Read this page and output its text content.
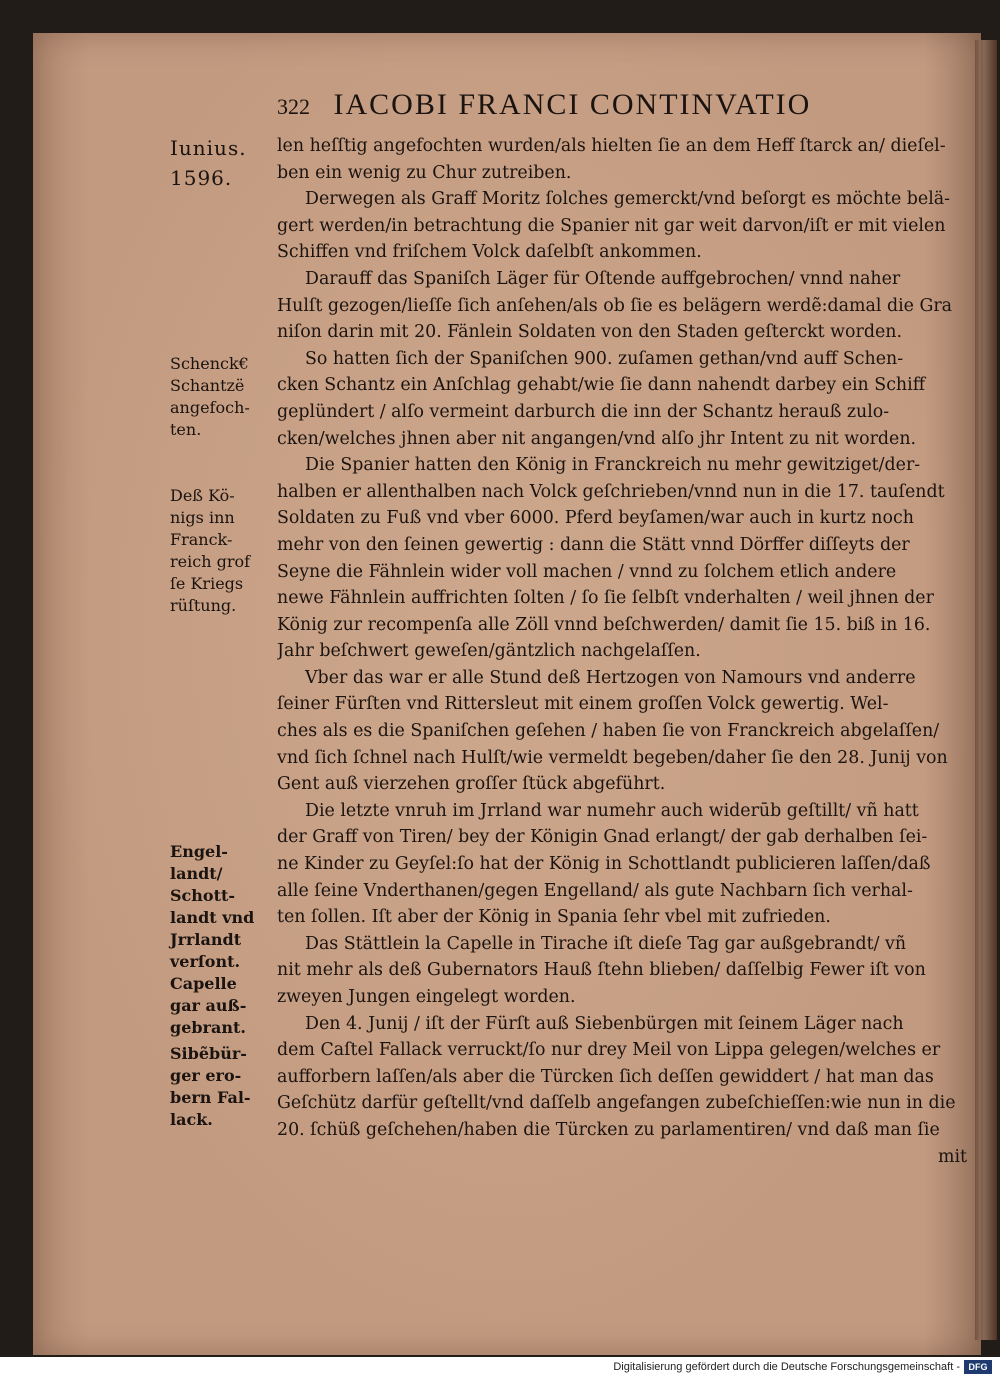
322 IACOBI FRANCI CONTINVATIO
Iunius.
1596.
Schenck€
Schantzë
angefoch-
ten.
Deß Kö-
nigs inn
Franck-
reich grof
ſe Kriegs
rüſtung.
Engel-
landt/
Schott-
landt vnd
Jrrlandt
verſont.
Capelle
gar auß-
gebrant.
Sibẽbür-
ger ero-
bern Fal-
lack.
len heſſtig angefochten wurden/als hielten ſie an dem Heff ſtarck an/ dieſel-
ben ein wenig zu Chur zutreiben.
Derwegen als Graff Moritz ſolches gemerckt/vnd beſorgt es möchte belä-
gert werden/in betrachtung die Spanier nit gar weit darvon/iſt er mit vielen
Schiffen vnd friſchem Volck daſelbſt ankommen.
Darauff das Spaniſch Läger für Oſtende auffgebrochen/ vnnd naher
Hulſt gezogen/lieſſe ſich anſehen/als ob ſie es belägern werdẽ:damal die Gra
niſon darin mit 20. Fänlein Soldaten von den Staden geſterckt worden.
So hatten ſich der Spaniſchen 900. zuſamen gethan/vnd auff Schen-
cken Schantz ein Anſchlag gehabt/wie ſie dann nahendt darbey ein Schiff
geplündert / alſo vermeint darburch die inn der Schantz herauß zulo-
cken/welches jhnen aber nit angangen/vnd alſo jhr Intent zu nit worden.
Die Spanier hatten den König in Franckreich nu mehr gewitziget/der-
halben er allenthalben nach Volck geſchrieben/vnnd nun in die 17. tauſendt
Soldaten zu Fuß vnd vber 6000. Pferd beyſamen/war auch in kurtz noch
mehr von den ſeinen gewertig : dann die Stätt vnnd Dörffer diſſeyts der
Seyne die Fähnlein wider voll machen / vnnd zu ſolchem etlich andere
newe Fähnlein auffrichten ſolten / ſo ſie ſelbſt vnderhalten / weil jhnen der
König zur recompenſa alle Zöll vnnd beſchwerden/ damit ſie 15. biß in 16.
Jahr beſchwert geweſen/gäntzlich nachgelaſſen.
Vber das war er alle Stund deß Hertzogen von Namours vnd anderre
ſeiner Fürſten vnd Rittersleut mit einem groſſen Volck gewertig. Wel-
ches als es die Spaniſchen geſehen / haben ſie von Franckreich abgelaſſen/
vnd ſich ſchnel nach Hulſt/wie vermeldt begeben/daher ſie den 28. Junij von
Gent auß vierzehen groſſer ſtück abgeführt.
Die letzte vnruh im Jrrland war numehr auch widerūb geſtillt/ vñ hatt
der Graff von Tiren/ bey der Königin Gnad erlangt/ der gab derhalben ſei-
ne Kinder zu Geyſel:ſo hat der König in Schottlandt publicieren laſſen/daß
alle ſeine Vnderthanen/gegen Engelland/ als gute Nachbarn ſich verhal-
ten ſollen. Iſt aber der König in Spania ſehr vbel mit zufrieden.
Das Stättlein la Capelle in Tirache iſt dieſe Tag gar außgebrandt/ vñ
nit mehr als deß Gubernators Hauß ſtehn blieben/ daſſelbig Fewer iſt von
zweyen Jungen eingelegt worden.
Den 4. Junij / iſt der Fürſt auß Siebenbürgen mit ſeinem Läger nach
dem Caſtel Fallack verruckt/ſo nur drey Meil von Lippa gelegen/welches er
aufforbern laſſen/als aber die Türcken ſich deſſen gewiddert / hat man das
Geſchütz darfür geſtellt/vnd daſſelb angefangen zubeſchieſſen:wie nun in die
20. ſchüß geſchehen/haben die Türcken zu parlamentiren/ vnd daß man ſie
mit
Digitalisierung gefördert durch die Deutsche Forschungsgemeinschaft - DFG
